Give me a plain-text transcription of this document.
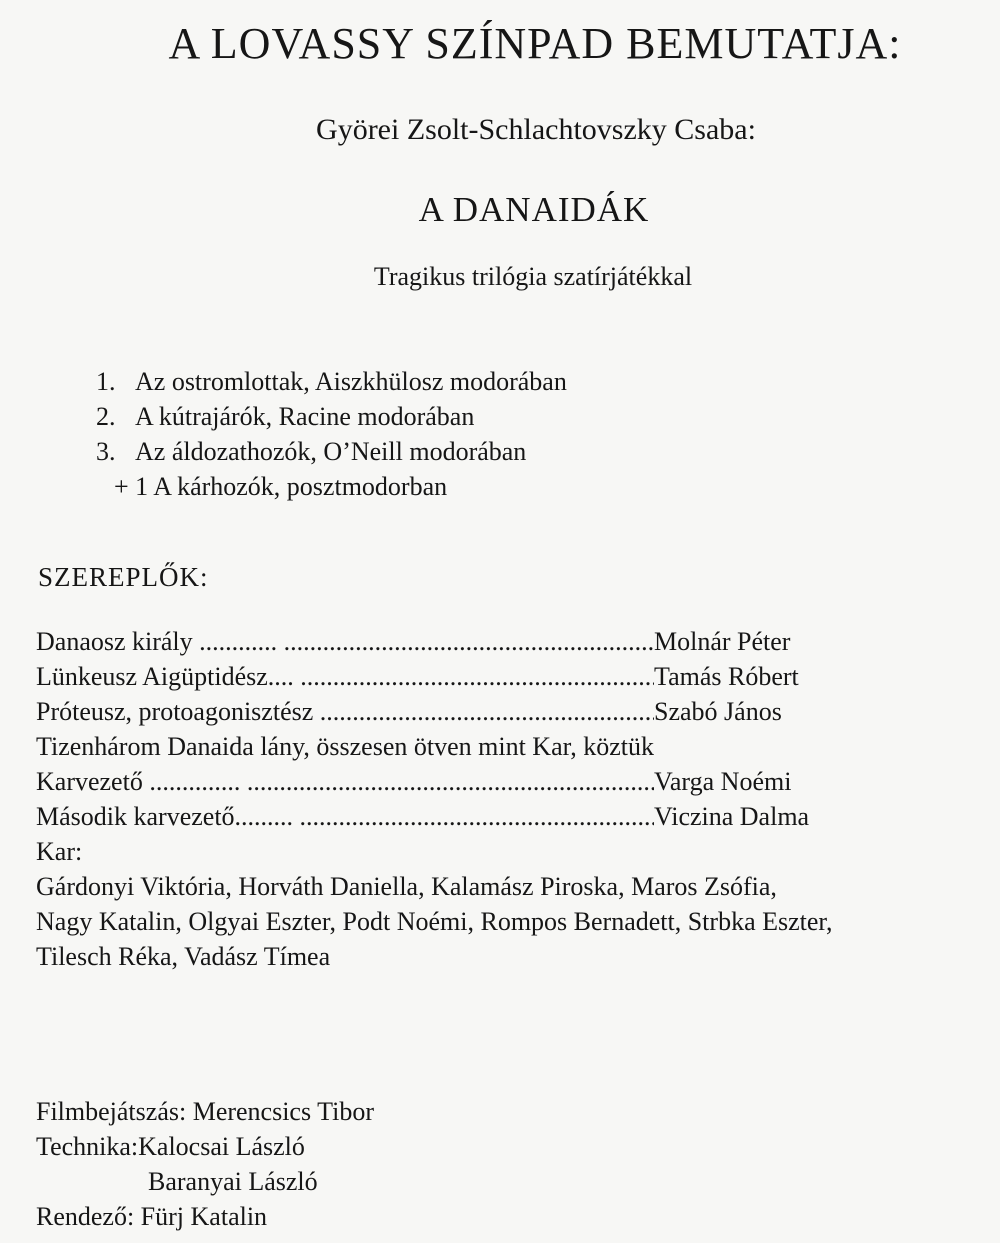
A LOVASSY SZÍNPAD BEMUTATJA:
Györei Zsolt-Schlachtovszky Csaba:
A DANAIDÁK
Tragikus trilógia szatírjátékkal
1. Az ostromlottak, Aiszkhülosz modorában
2. A kútrajárók, Racine modorában
3. Az áldozathozók, O’Neill modorában
+ 1 A kárhozók, posztmodorban
SZEREPLŐK:
Danaosz király ............ .....	Molnár Péter
Lünkeusz Aigüptidész.... .....	Tamás Róbert
Próteusz, protoagonisztész .....	Szabó János
Tizenhárom Danaida lány, összesen ötven mint Kar, köztük
Karvezető .............. .....	Varga Noémi
Második karvezető......... .....	Viczina Dalma
Kar:
Gárdonyi Viktória, Horváth Daniella, Kalamász Piroska, Maros Zsófia,
Nagy Katalin, Olgyai Eszter, Podt Noémi, Rompos Bernadett, Strbka Eszter,
Tilesch Réka, Vadász Tímea
Filmbejátszás: Merencsics Tibor
Technika:Kalocsai László
Baranyai László
Rendező: Fürj Katalin
